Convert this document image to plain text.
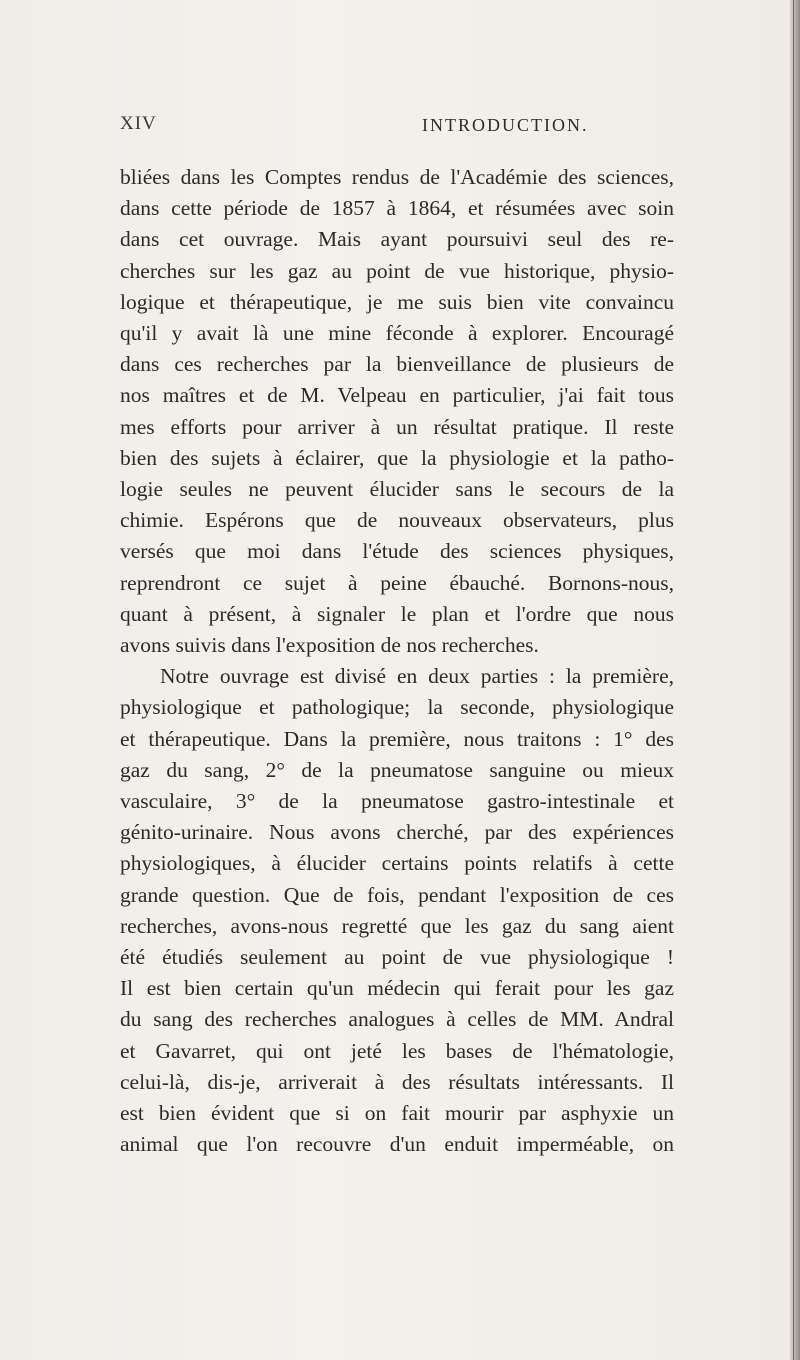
XIV	INTRODUCTION.
bliées dans les Comptes rendus de l'Académie des sciences,
dans cette période de 1857 à 1864, et résumées avec soin
dans cet ouvrage. Mais ayant poursuivi seul des re-
cherches sur les gaz au point de vue historique, physio-
logique et thérapeutique, je me suis bien vite convaincu
qu'il y avait là une mine féconde à explorer. Encouragé
dans ces recherches par la bienveillance de plusieurs de
nos maîtres et de M. Velpeau en particulier, j'ai fait tous
mes efforts pour arriver à un résultat pratique. Il reste
bien des sujets à éclairer, que la physiologie et la patho-
logie seules ne peuvent élucider sans le secours de la
chimie. Espérons que de nouveaux observateurs, plus
versés que moi dans l'étude des sciences physiques,
reprendront ce sujet à peine ébauché. Bornons-nous,
quant à présent, à signaler le plan et l'ordre que nous
avons suivis dans l'exposition de nos recherches.
Notre ouvrage est divisé en deux parties : la première,
physiologique et pathologique; la seconde, physiologique
et thérapeutique. Dans la première, nous traitons : 1° des
gaz du sang, 2° de la pneumatose sanguine ou mieux
vasculaire, 3° de la pneumatose gastro-intestinale et
génito-urinaire. Nous avons cherché, par des expériences
physiologiques, à élucider certains points relatifs à cette
grande question. Que de fois, pendant l'exposition de ces
recherches, avons-nous regretté que les gaz du sang aient
été étudiés seulement au point de vue physiologique !
Il est bien certain qu'un médecin qui ferait pour les gaz
du sang des recherches analogues à celles de MM. Andral
et Gavarret, qui ont jeté les bases de l'hématologie,
celui-là, dis-je, arriverait à des résultats intéressants. Il
est bien évident que si on fait mourir par asphyxie un
animal que l'on recouvre d'un enduit imperméable, on
